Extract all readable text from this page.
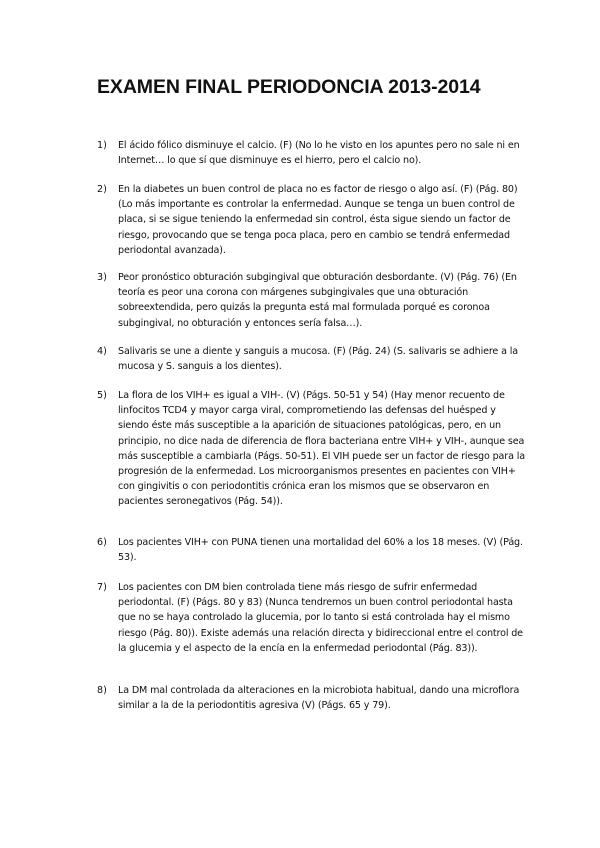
EXAMEN FINAL PERIODONCIA 2013-2014
1)	El ácido fólico disminuye el calcio. (F) (No lo he visto en los apuntes pero no sale ni en Internet… lo que sí que disminuye es el hierro, pero el calcio no).
2)	En la diabetes un buen control de placa no es factor de riesgo o algo así. (F) (Pág. 80) (Lo más importante es controlar la enfermedad. Aunque se tenga un buen control de placa, si se sigue teniendo la enfermedad sin control, ésta sigue siendo un factor de riesgo, provocando que se tenga poca placa, pero en cambio se tendrá enfermedad periodontal avanzada).
3)	Peor pronóstico obturación subgingival que obturación desbordante. (V) (Pág. 76) (En teoría es peor una corona con márgenes subgingivales que una obturación sobreextendida, pero quizás la pregunta está mal formulada porqué es coronoa subgingival, no obturación y entonces sería falsa…).
4)	Salivaris se une a diente y sanguis a mucosa. (F) (Pág. 24) (S. salivaris se adhiere a la mucosa y S. sanguis a los dientes).
5)	La flora de los VIH+ es igual a VIH-. (V) (Págs. 50-51 y 54) (Hay menor recuento de linfocitos TCD4 y mayor carga viral, comprometiendo las defensas del huésped y siendo éste más susceptible a la aparición de situaciones patológicas, pero, en un principio, no dice nada de diferencia de flora bacteriana entre VIH+ y VIH-, aunque sea más susceptible a cambiarla (Págs. 50-51). El VIH puede ser un factor de riesgo para la progresión de la enfermedad. Los microorganismos presentes en pacientes con VIH+ con gingivitis o con periodontitis crónica eran los mismos que se observaron en pacientes seronegativos (Pág. 54)).
6)	Los pacientes VIH+ con PUNA tienen una mortalidad del 60% a los 18 meses. (V) (Pág. 53).
7)	Los pacientes con DM bien controlada tiene más riesgo de sufrir enfermedad periodontal. (F) (Págs. 80 y 83) (Nunca tendremos un buen control periodontal hasta que no se haya controlado la glucemia, por lo tanto si está controlada hay el mismo riesgo (Pág. 80)). Existe además una relación directa y bidireccional entre el control de la glucemia y el aspecto de la encía en la enfermedad periodontal (Pág. 83)).
8)	La DM mal controlada da alteraciones en la microbiota habitual, dando una microflora similar a la de la periodontitis agresiva (V) (Págs. 65 y 79).
